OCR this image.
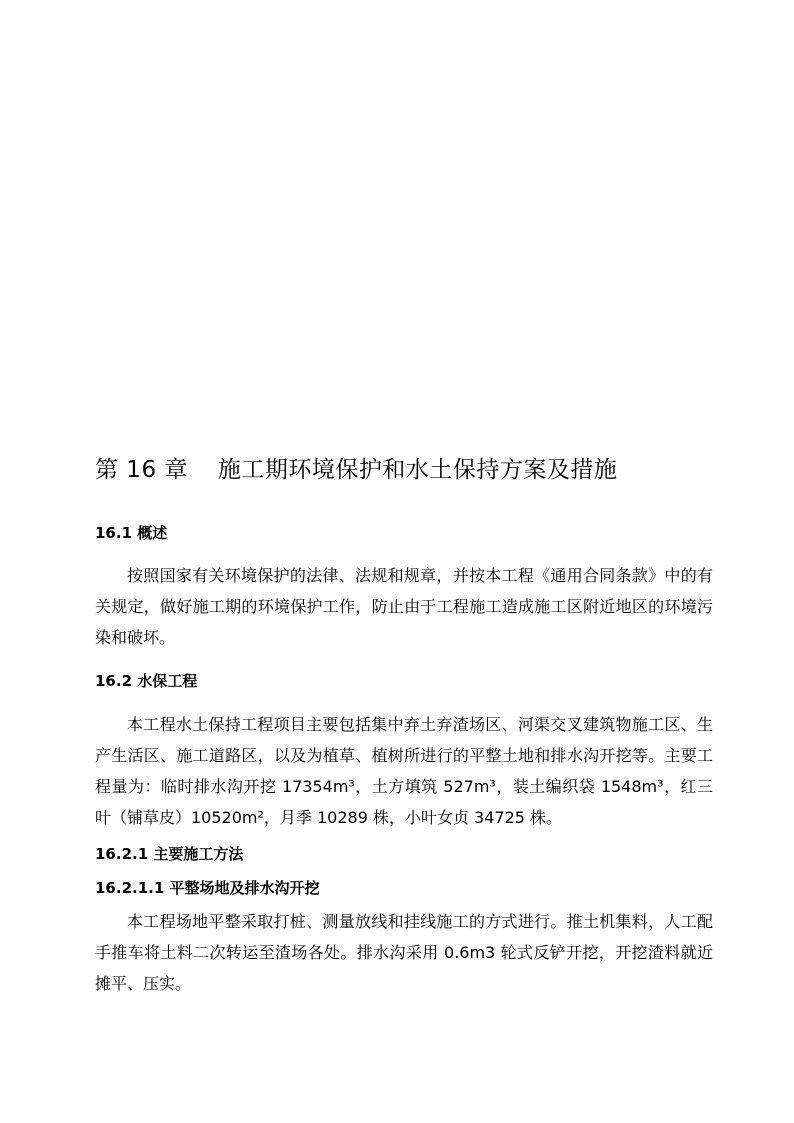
第 16 章 施工期环境保护和水土保持方案及措施
16.1 概述
按照国家有关环境保护的法律、法规和规章，并按本工程《通用合同条款》中的有关规定，做好施工期的环境保护工作，防止由于工程施工造成施工区附近地区的环境污染和破坏。
16.2 水保工程
本工程水土保持工程项目主要包括集中弃土弃渣场区、河渠交叉建筑物施工区、生产生活区、施工道路区，以及为植草、植树所进行的平整土地和排水沟开挖等。主要工程量为：临时排水沟开挖 17354m³，土方填筑 527m³，装土编织袋 1548m³，红三叶（铺草皮）10520m²，月季 10289 株，小叶女贞 34725 株。
16.2.1 主要施工方法
16.2.1.1 平整场地及排水沟开挖
本工程场地平整采取打桩、测量放线和挂线施工的方式进行。推土机集料，人工配手推车将土料二次转运至渣场各处。排水沟采用 0.6m3 轮式反铲开挖，开挖渣料就近摊平、压实。
